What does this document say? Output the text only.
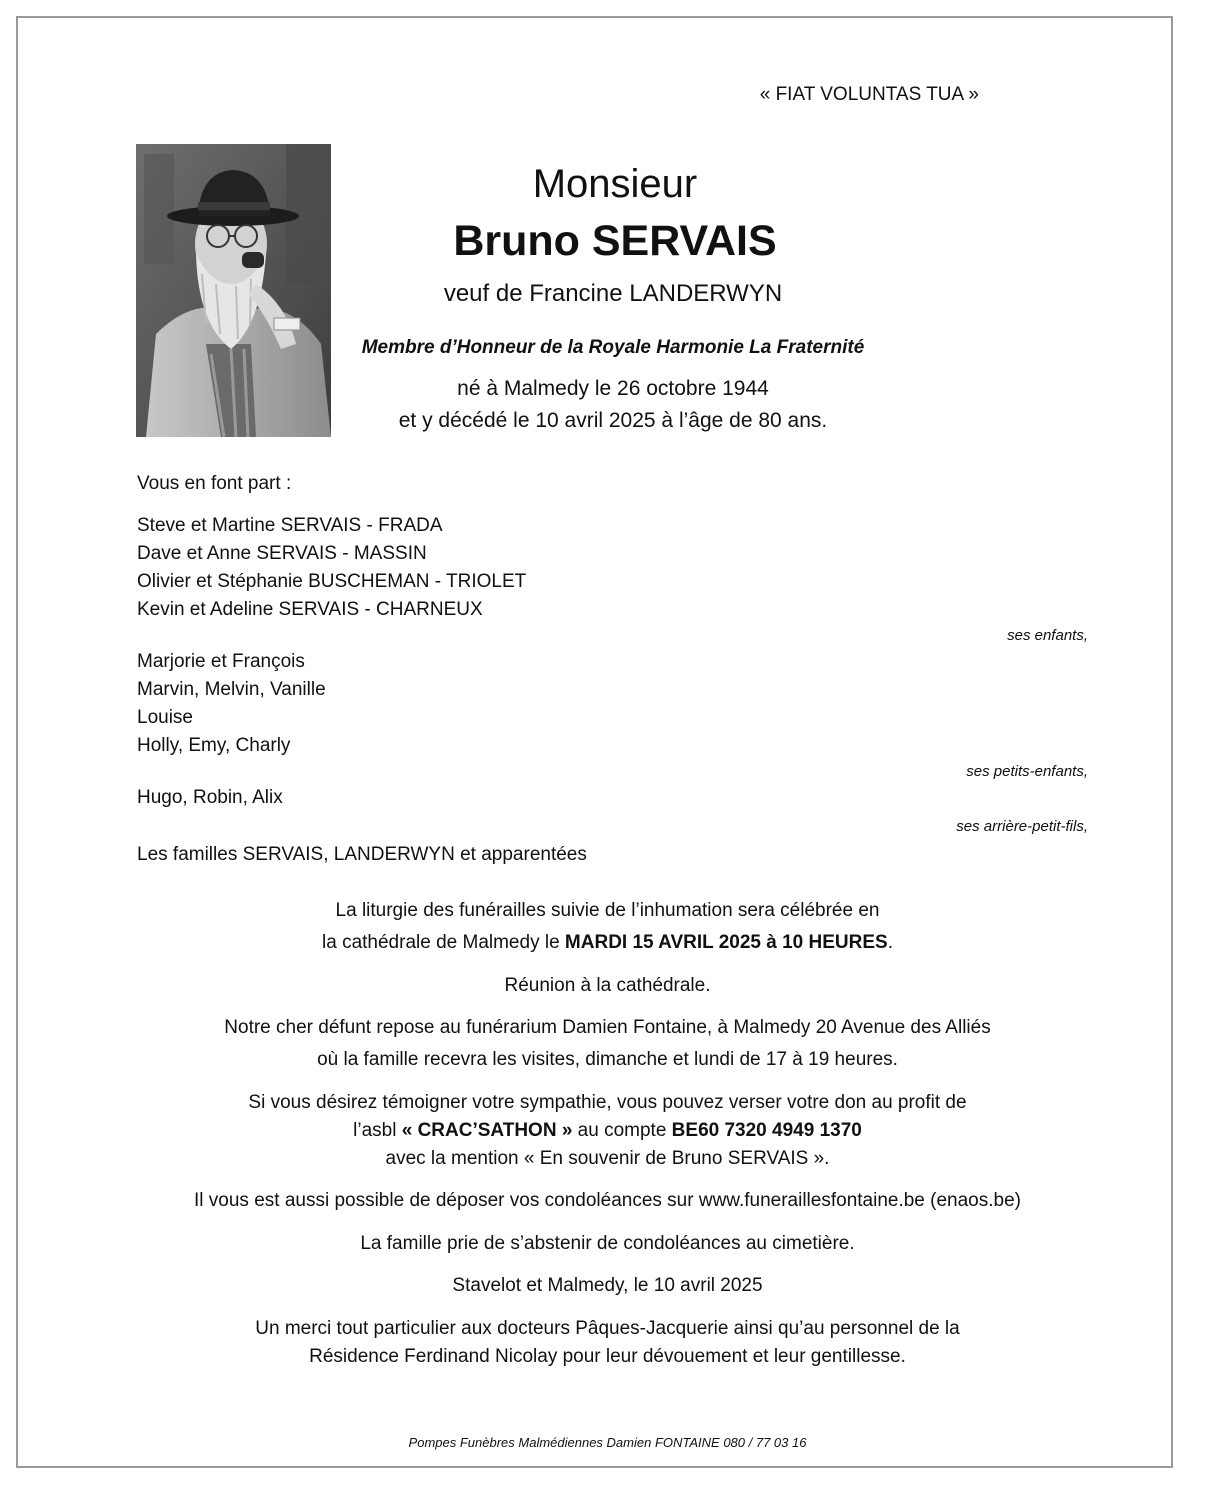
« FIAT VOLUNTAS TUA »
Monsieur
Bruno SERVAIS
veuf de Francine LANDERWYN
Membre d’Honneur de la Royale Harmonie La Fraternité
né à Malmedy le 26 octobre 1944
et y décédé le 10 avril 2025 à l’âge de 80 ans.
Vous en font part :
Steve et Martine SERVAIS - FRADA
Dave et Anne SERVAIS - MASSIN
Olivier et Stéphanie BUSCHEMAN - TRIOLET
Kevin et Adeline SERVAIS - CHARNEUX
ses enfants,
Marjorie et François
Marvin, Melvin, Vanille
Louise
Holly, Emy, Charly
ses petits-enfants,
Hugo, Robin, Alix
ses arrière-petit-fils,
Les familles SERVAIS, LANDERWYN et apparentées
La liturgie des funérailles suivie de l’inhumation sera célébrée en
la cathédrale de Malmedy le MARDI 15 AVRIL 2025 à 10 HEURES.
Réunion à la cathédrale.
Notre cher défunt repose au funérarium Damien Fontaine, à Malmedy 20 Avenue des Alliés
où la famille recevra les visites, dimanche et lundi de 17 à 19 heures.
Si vous désirez témoigner votre sympathie, vous pouvez verser votre don au profit de
l’asbl « CRAC’SATHON » au compte BE60 7320 4949 1370
avec la mention « En souvenir de Bruno SERVAIS ».
Il vous est aussi possible de déposer vos condoléances sur www.funeraillesfontaine.be (enaos.be)
La famille prie de s’abstenir de condoléances au cimetière.
Stavelot et Malmedy, le 10 avril 2025
Un merci tout particulier aux docteurs Pâques-Jacquerie ainsi qu’au personnel de la
Résidence Ferdinand Nicolay pour leur dévouement et leur gentillesse.
Pompes Funèbres Malmédiennes Damien FONTAINE 080 / 77 03 16
